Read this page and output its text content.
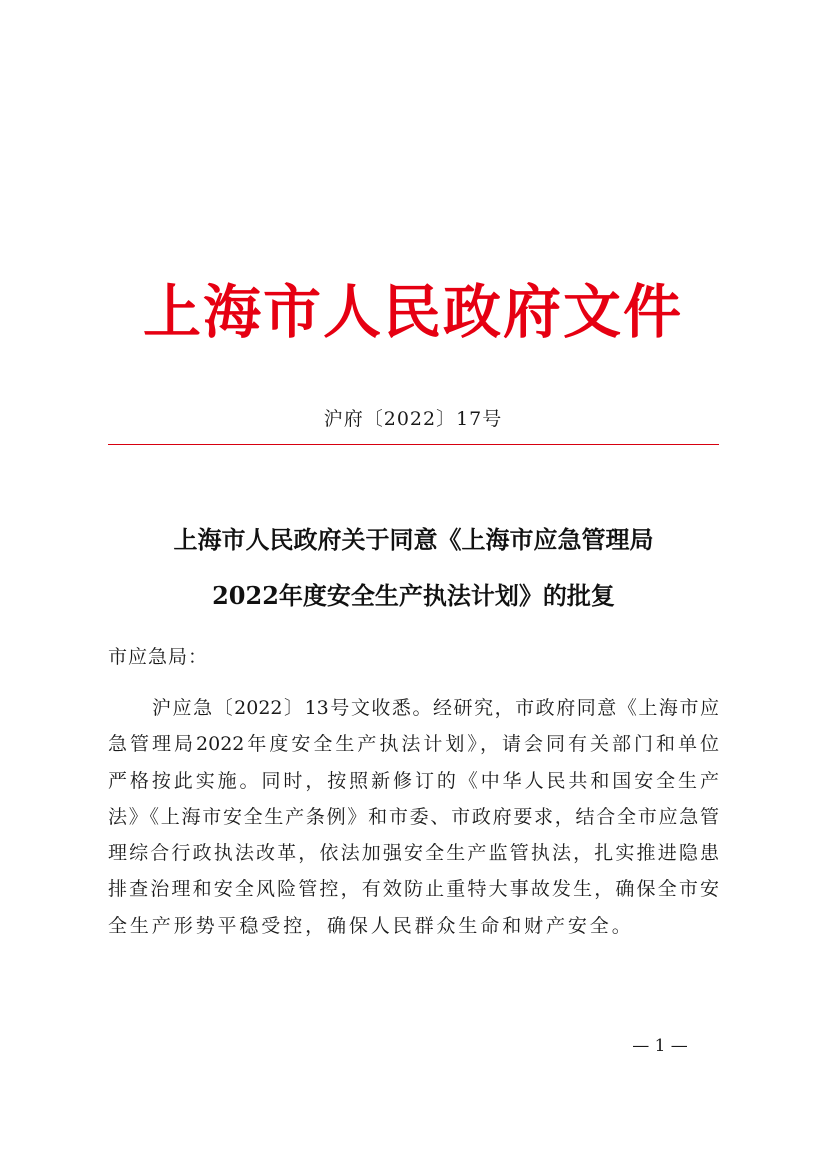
上海市人民政府文件
沪府〔2022〕17号
上海市人民政府关于同意《上海市应急管理局
2022年度安全生产执法计划》的批复
市应急局：
沪应急〔2022〕13号文收悉。经研究，市政府同意《上海市应
急管理局2022年度安全生产执法计划》，请会同有关部门和单位
严格按此实施。同时，按照新修订的《中华人民共和国安全生产
法》《上海市安全生产条例》和市委、市政府要求，结合全市应急管
理综合行政执法改革，依法加强安全生产监管执法，扎实推进隐患
排查治理和安全风险管控，有效防止重特大事故发生，确保全市安
全生产形势平稳受控，确保人民群众生命和财产安全。
— 1 —
